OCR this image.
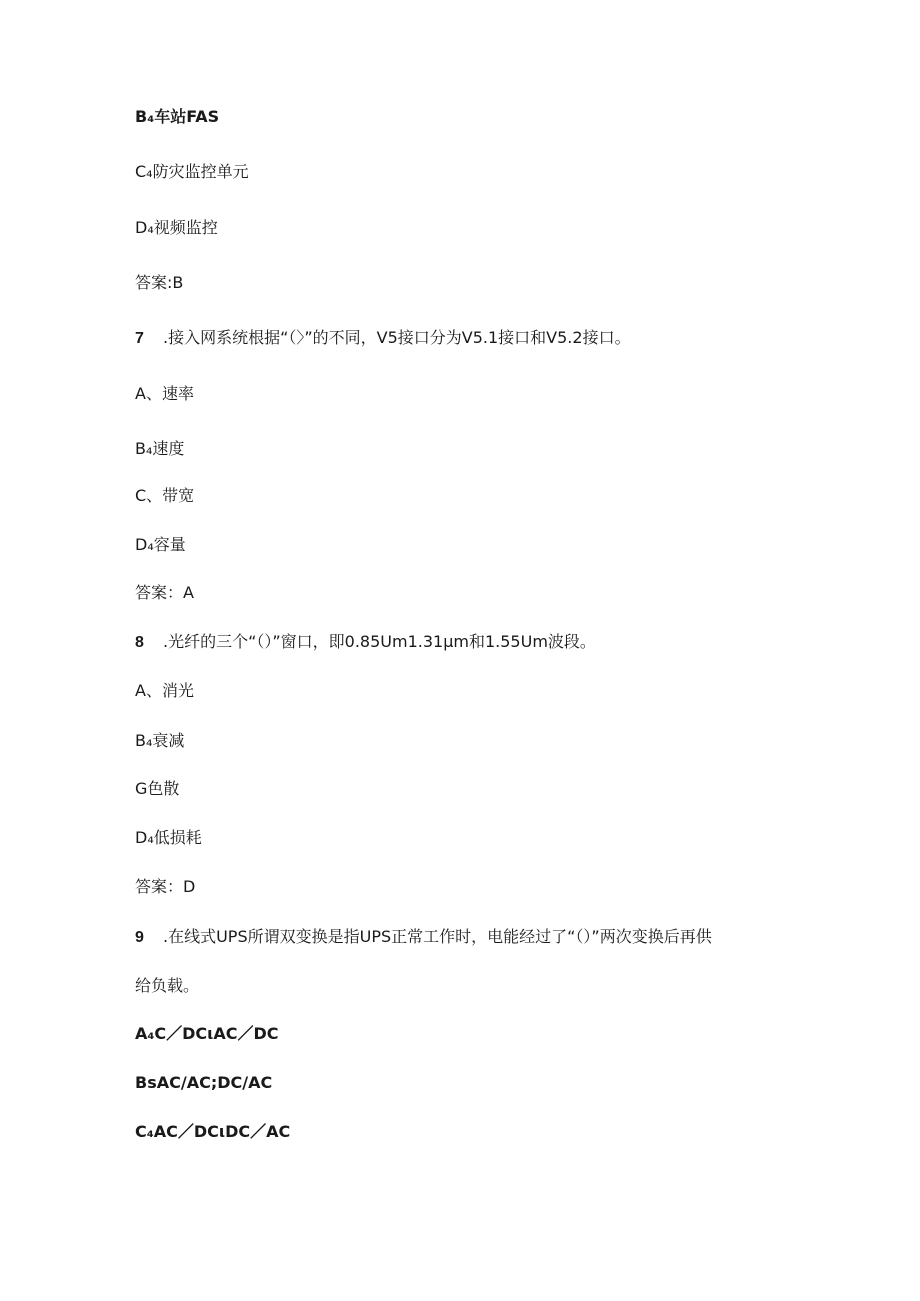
B₄车站FAS
C₄防灾监控单元
D₄视频监控
答案:B
7 .接入网系统根据“（〉”的不同，V5接口分为V5.1接口和V5.2接口。
A、速率
B₄速度
C、带宽
D₄容量
答案：A
8 .光纤的三个“（）”窗口，即0.85Um1.31μm和1.55Um波段。
A、消光
B₄衰减
G色散
D₄低损耗
答案：D
9 .在线式UPS所谓双变换是指UPS正常工作时，电能经过了“（）”两次变换后再供
给负载。
A₄C／DCιAC／DC
BsAC/AC;DC/AC
C₄AC／DCιDC／AC
